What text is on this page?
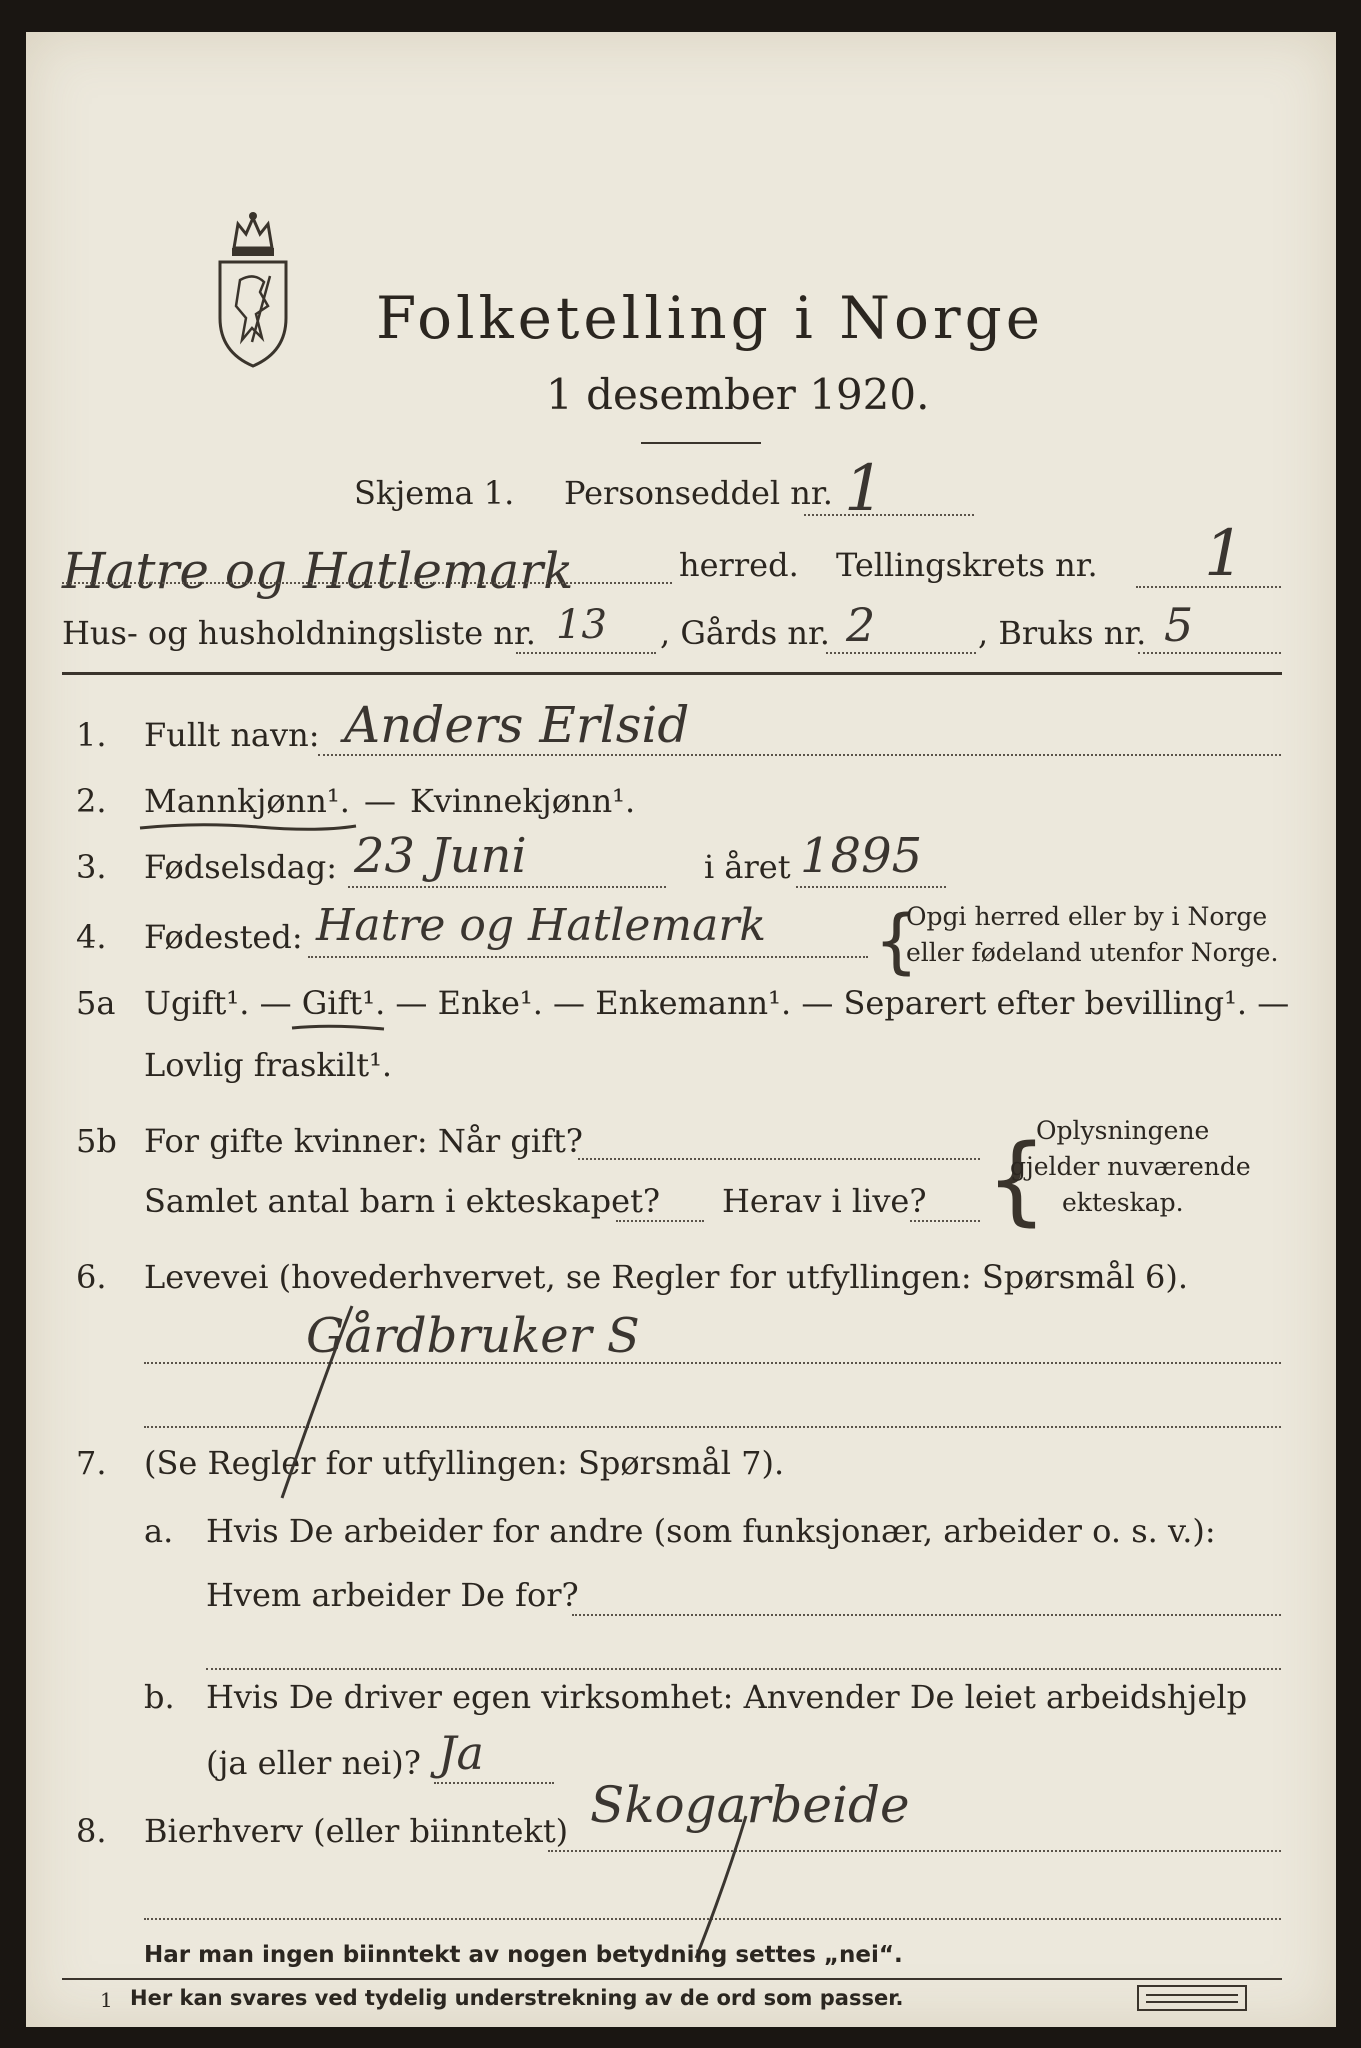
Folketelling i Norge
1 desember 1920.
Skjema 1. Personseddel nr. 1
Hatre og Hatlemark	herred. Tellingskrets nr. 1
Hus- og husholdningsliste nr. 13 , Gårds nr. 2	, Bruks nr. 5
1. Fullt navn: Anders Erlsid
2. Mannkjønn¹. — Kvinnekjønn¹.
3. Fødselsdag: 23 Juni	i året 1895
4. Fødested: Hatre og Hatlemark {
Opgi herred eller by i Norge
eller fødeland utenfor Norge.
5a Ugift¹. — Gift¹. — Enke¹. — Enkemann¹. — Separert efter bevilling¹. —
Lovlig fraskilt¹.
5b For gifte kvinner: Når gift?
Samlet antal barn i ekteskapet? Herav i live? {
Oplysningene
gjelder nuværende
ekteskap.
6. Levevei (hovederhvervet, se Regler for utfyllingen: Spørsmål 6).
Gårdbruker S
7. (Se Regler for utfyllingen: Spørsmål 7).
a. Hvis De arbeider for andre (som funksjonær, arbeider o. s. v.):
Hvem arbeider De for?
b. Hvis De driver egen virksomhet: Anvender De leiet arbeidshjelp
(ja eller nei)? Ja
8. Bierhverv (eller biinntekt) Skogarbeide
Har man ingen biinntekt av nogen betydning settes „nei“.
1 Her kan svares ved tydelig understrekning av de ord som passer.
